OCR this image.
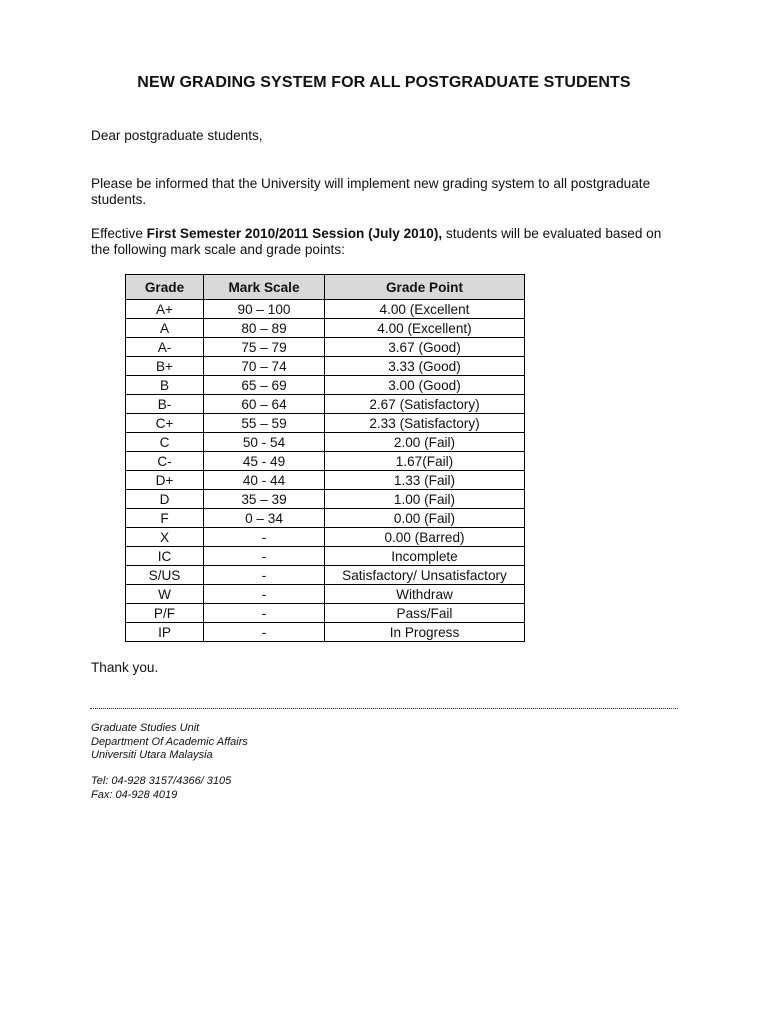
NEW GRADING SYSTEM FOR ALL POSTGRADUATE STUDENTS
Dear postgraduate students,
Please be informed that the University will implement new grading system to all postgraduate students.
Effective First Semester 2010/2011 Session (July 2010), students will be evaluated based on the following mark scale and grade points:
Grade	Mark Scale	Grade Point
A+	90 – 100	4.00 (Excellent
A	80 – 89	4.00 (Excellent)
A-	75 – 79	3.67 (Good)
B+	70 – 74	3.33 (Good)
B	65 – 69	3.00 (Good)
B-	60 – 64	2.67 (Satisfactory)
C+	55 – 59	2.33 (Satisfactory)
C	50 - 54	2.00 (Fail)
C-	45 - 49	1.67(Fail)
D+	40 - 44	1.33 (Fail)
D	35 – 39	1.00 (Fail)
F	0 – 34	0.00 (Fail)
X	-	0.00 (Barred)
IC	-	Incomplete
S/US	-	Satisfactory/ Unsatisfactory
W	-	Withdraw
P/F	-	Pass/Fail
IP	-	In Progress
Thank you.
Graduate Studies Unit
Department Of Academic Affairs
Universiti Utara Malaysia
Tel: 04-928 3157/4366/ 3105
Fax: 04-928 4019
